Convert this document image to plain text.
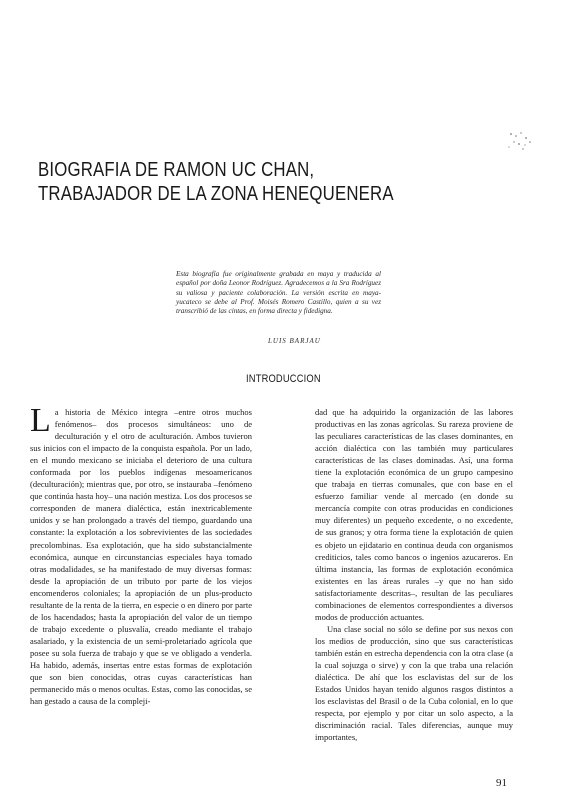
BIOGRAFIA DE RAMON UC CHAN,
TRABAJADOR DE LA ZONA HENEQUENERA
Esta biografía fue originalmente grabada en maya y traducida al español por doña Leonor Rodríguez. Agradecemos a la Sra Rodríguez su valiosa y paciente colaboración. La versión escrita en maya-yucateco se debe al Prof. Moisés Romero Castillo, quien a su vez transcribió de las cintas, en forma directa y fidedigna.
LUIS BARJAU
INTRODUCCION
L a historia de México integra –entre otros muchos fenómenos– dos procesos simultáneos: uno de deculturación y el otro de aculturación. Ambos tuvieron sus inicios con el impacto de la conquista española. Por un lado, en el mundo mexicano se iniciaba el deterioro de una cultura conformada por los pueblos indígenas mesoamericanos (deculturación); mientras que, por otro, se instauraba –fenómeno que continúa hasta hoy– una nación mestiza. Los dos procesos se corresponden de manera dialéctica, están inextricablemente unidos y se han prolongado a través del tiempo, guardando una constante: la explotación a los sobrevivientes de las sociedades precolombinas. Esa explotación, que ha sido substancialmente económica, aunque en circunstancias especiales haya tomado otras modalidades, se ha manifestado de muy diversas formas: desde la apropiación de un tributo por parte de los viejos encomenderos coloniales; la apropiación de un plus-producto resultante de la renta de la tierra, en especie o en dinero por parte de los hacendados; hasta la apropiación del valor de un tiempo de trabajo excedente o plusvalía, creado mediante el trabajo asalariado, y la existencia de un semi-proletariado agrícola que posee su sola fuerza de trabajo y que se ve obligado a venderla. Ha habido, además, insertas entre estas formas de explotación que son bien conocidas, otras cuyas características han permanecido más o menos ocultas. Estas, como las conocidas, se han gestado a causa de la compleji-

dad que ha adquirido la organización de las labores productivas en las zonas agrícolas. Su rareza proviene de las peculiares características de las clases dominantes, en acción dialéctica con las también muy particulares características de las clases dominadas. Así, una forma tiene la explotación económica de un grupo campesino que trabaja en tierras comunales, que con base en el esfuerzo familiar vende al mercado (en donde su mercancía compite con otras producidas en condiciones muy diferentes) un pequeño excedente, o no excedente, de sus granos; y otra forma tiene la explotación de quien es objeto un ejidatario en continua deuda con organismos crediticios, tales como bancos o ingenios azucareros. En última instancia, las formas de explotación económica existentes en las áreas rurales –y que no han sido satisfactoriamente descritas–, resultan de las peculiares combinaciones de elementos correspondientes a diversos modos de producción actuantes.

Una clase social no sólo se define por sus nexos con los medios de producción, sino que sus características también están en estrecha dependencia con la otra clase (a la cual sojuzga o sirve) y con la que traba una relación dialéctica. De ahí que los esclavistas del sur de los Estados Unidos hayan tenido algunos rasgos distintos a los esclavistas del Brasil o de la Cuba colonial, en lo que respecta, por ejemplo y por citar un solo aspecto, a la discriminación racial. Tales diferencias, aunque muy importantes,

91
